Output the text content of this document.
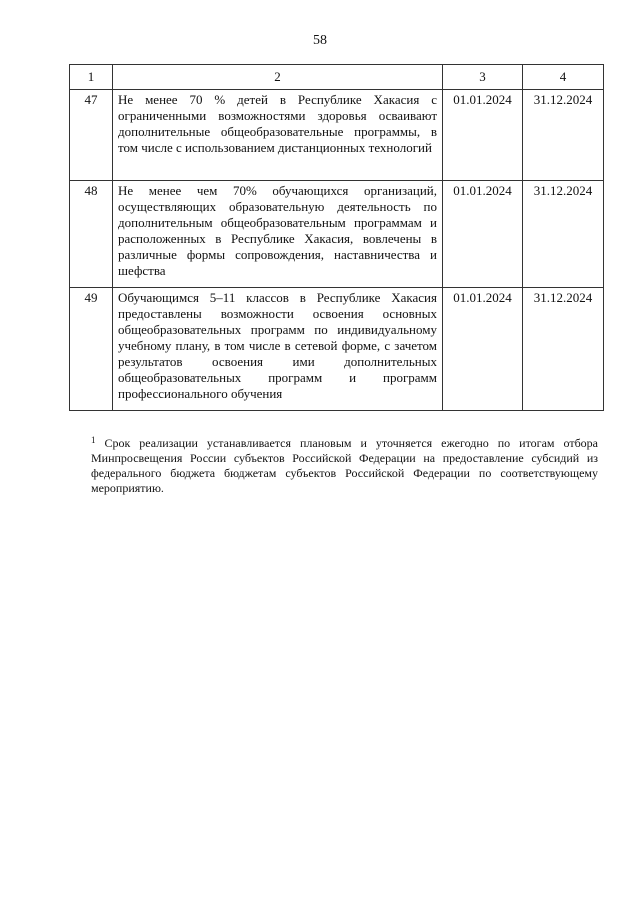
58
1	2	3	4
47	Не менее 70 % детей в Республике Хакасия с ограниченными возможностями здоровья осваивают дополнительные общеобразовательные программы, в том числе с использованием дистанционных технологий	01.01.2024	31.12.2024
48	Не менее чем 70% обучающихся организаций, осуществляющих образовательную деятельность по дополнительным общеобразовательным программам и расположенных в Республике Хакасия, вовлечены в различные формы сопровождения, наставничества и шефства	01.01.2024	31.12.2024
49	Обучающимся 5–11 классов в Республике Хакасия предоставлены возможности освоения основных общеобразовательных программ по индивидуальному учебному плану, в том числе в сетевой форме, с зачетом результатов освоения ими дополнительных общеобразовательных программ и программ профессионального обучения	01.01.2024	31.12.2024
$^1$ Срок реализации устанавливается плановым и уточняется ежегодно по итогам отбора Минпросвещения России субъектов Российской Федерации на предоставление субсидий из федерального бюджета бюджетам субъектов Российской Федерации по соответствующему мероприятию.
